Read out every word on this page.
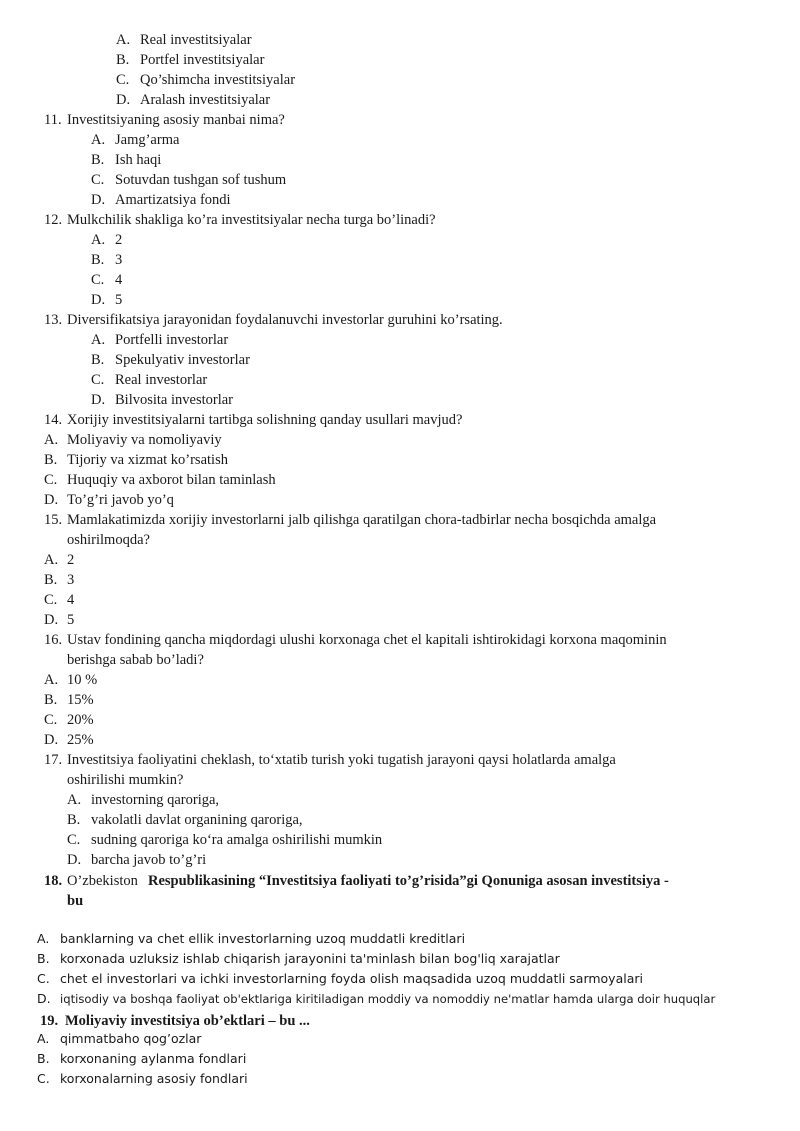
A. Real investitsiyalar
B. Portfel investitsiyalar
C. Qo’shimcha investitsiyalar
D. Aralash investitsiyalar
11. Investitsiyaning asosiy manbai nima?
A. Jamg’arma
B. Ish haqi
C. Sotuvdan tushgan sof tushum
D. Amartizatsiya fondi
12. Mulkchilik shakliga ko’ra investitsiyalar necha turga bo’linadi?
A. 2
B. 3
C. 4
D. 5
13. Diversifikatsiya jarayonidan foydalanuvchi investorlar guruhini ko’rsating.
A. Portfelli investorlar
B. Spekulyativ investorlar
C. Real investorlar
D. Bilvosita investorlar
14. Xorijiy investitsiyalarni tartibga solishning qanday usullari mavjud?
A. Moliyaviy va nomoliyaviy
B. Tijoriy va xizmat ko’rsatish
C. Huquqiy va axborot bilan taminlash
D. To’g’ri javob yo’q
15. Mamlakatimizda xorijiy investorlarni jalb qilishga qaratilgan chora-tadbirlar necha bosqichda amalga
oshirilmoqda?
A. 2
B. 3
C. 4
D. 5
16. Ustav fondining qancha miqdordagi ulushi korxonaga chet el kapitali ishtirokidagi korxona maqominin
berishga sabab bo’ladi?
A. 10 %
B. 15%
C. 20%
D. 25%
17. Investitsiya faoliyatini cheklash, to‘xtatib turish yoki tugatish jarayoni qaysi holatlarda amalga
oshirilishi mumkin?
A. investorning qaroriga,
B. vakolatli davlat organining qaroriga,
C. sudning qaroriga ko‘ra amalga oshirilishi mumkin
D. barcha javob to’g’ri
18. O’zbekiston Respublikasining “Investitsiya faoliyati to’g’risida”gi Qonuniga asosan investitsiya -
bu
A. banklarning va chet ellik investorlarning uzoq muddatli kreditlari
B. korxonada uzluksiz ishlab chiqarish jarayonini ta'minlash bilan bog'liq xarajatlar
C. chet el investorlari va ichki investorlarning foyda olish maqsadida uzoq muddatli sarmoyalari
D. iqtisodiy va boshqa faoliyat ob'ektlariga kiritiladigan moddiy va nomoddiy ne'matlar hamda ularga doir huquqlar
19. Moliyaviy investitsiya ob’ektlari – bu ...
A. qimmatbaho qog’ozlar
B. korxonaning aylanma fondlari
C. korxonalarning asosiy fondlari
